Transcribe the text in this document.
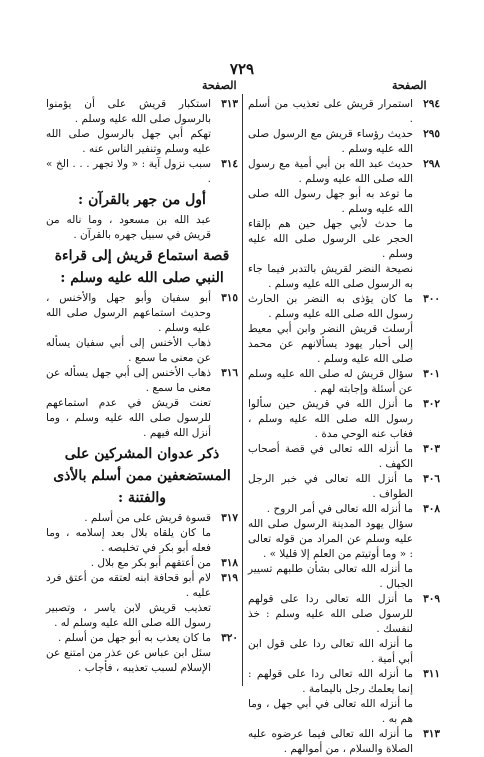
٧٢٩
الصفحة
الصفحة
٢٩٤
استمرار قريش على تعذيب من أسلم .
٢٩٥
حديث رؤساء قريش مع الرسول صلى الله عليه وسلم .
٢٩٨
حديث عبد الله بن أبي أمية مع رسول الله صلى الله عليه وسلم .
ما توعد به أبو جهل رسول الله صلى الله عليه وسلم .
ما حدث لأبي جهل حين هم بإلقاء الحجر على الرسول صلى الله عليه وسلم .
نصيحة النضر لقريش بالتدبر فيما جاء به الرسول صلى الله عليه وسلم .
٣٠٠
ما كان يؤذى به النضر بن الحارث رسول الله صلى الله عليه وسلم .
أرسلت قريش النضر وابن أبي معيط إلى أحبار يهود يسألانهم عن محمد صلى الله عليه وسلم .
٣٠١
سؤال قريش له صلى الله عليه وسلم عن أسئلة وإجابته لهم .
٣٠٢
ما أنزل الله في قريش حين سألوا رسول الله صلى الله عليه وسلم ، فغاب عنه الوحي مدة .
٣٠٣
ما أنزله الله تعالى في قصة أصحاب الكهف .
٣٠٦
ما أنزل الله تعالى في خبر الرجل الطواف .
٣٠٨
ما أنزله الله تعالى في أمر الروح .
سؤال يهود المدينة الرسول صلى الله عليه وسلم عن المراد من قوله تعالى : « وما أوتيتم من العلم إلا قليلا » .
ما أنزله الله تعالى بشأن طلبهم تسيير الجبال .
٣٠٩
ما أنزل الله تعالى ردا على قولهم للرسول صلى الله عليه وسلم : خذ لنفسك .
ما أنزله الله تعالى ردا على قول ابن أبي أمية .
٣١١
ما أنزله الله تعالى ردا على قولهم : إنما يعلمك رجل باليمامة .
ما أنزله الله تعالى في أبي جهل ، وما هم به .
٣١٣
ما أنزله الله تعالى فيما عرضوه عليه الصلاة والسلام ، من أموالهم .
٣١٣
استكبار قريش على أن يؤمنوا بالرسول صلى الله عليه وسلم .
تهكم أبي جهل بالرسول صلى الله عليه وسلم وتنفير الناس عنه .
٣١٤
سبب نزول آية : « ولا تجهر . . . الخ » .
أول من جهر بالقرآن :
عبد الله بن مسعود ، وما ناله من قريش في سبيل جهره بالقرآن .
قصة استماع قريش إلى قراءة النبي صلى الله عليه وسلم :
٣١٥
أبو سفيان وأبو جهل والأخنس ، وحديث استماعهم الرسول صلى الله عليه وسلم .
ذهاب الأخنس إلى أبي سفيان يسأله عن معنى ما سمع .
٣١٦
ذهاب الأخنس إلى أبي جهل يسأله عن معنى ما سمع .
تعنت قريش في عدم استماعهم للرسول صلى الله عليه وسلم ، وما أنزل الله فيهم .
ذكر عدوان المشركين على المستضعفين ممن أسلم بالأذى والفتنة :
٣١٧
قسوة قريش على من أسلم .
ما كان يلقاه بلال بعد إسلامه ، وما فعله أبو بكر في تخليصه .
٣١٨
من أعتقهم أبو بكر مع بلال .
٣١٩
لام أبو قحافة ابنه لعتقه من أعتق فرد عليه .
تعذيب قريش لابن ياسر ، وتصبير رسول الله صلى الله عليه وسلم له .
٣٢٠
ما كان يعذب به أبو جهل من أسلم .
سئل ابن عباس عن عذر من امتنع عن الإسلام لسبب تعذيبه ، فأجاب .
